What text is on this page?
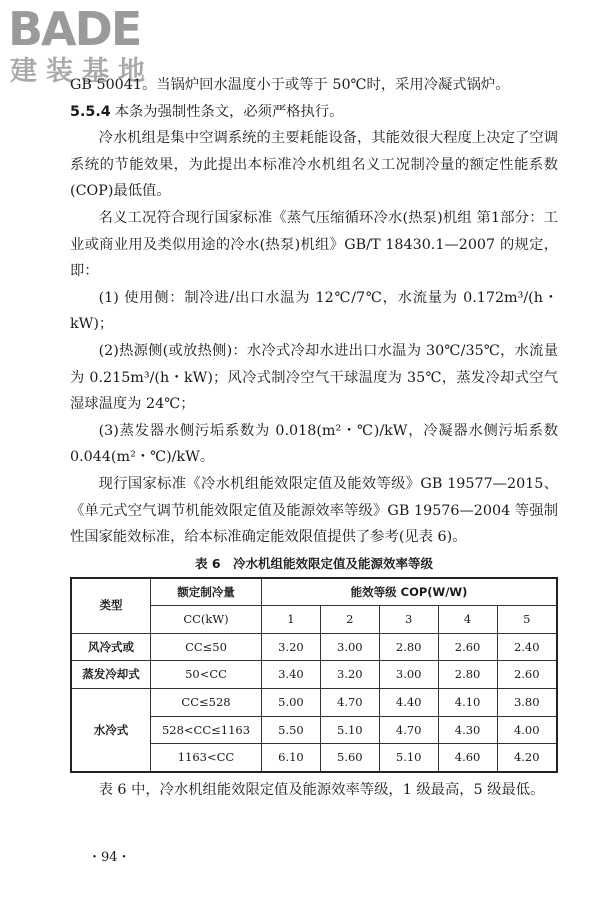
BADE
建装基地

GB 50041。当锅炉回水温度小于或等于 50℃时，采用冷凝式锅炉。

5.5.4 本条为强制性条文，必须严格执行。

冷水机组是集中空调系统的主要耗能设备，其能效很大程度上决定了空调系统的节能效果，为此提出本标准冷水机组名义工况制冷量的额定性能系数(COP)最低值。

名义工况符合现行国家标准《蒸气压缩循环冷水(热泵)机组 第1部分：工业或商业用及类似用途的冷水(热泵)机组》GB/T 18430.1—2007 的规定，即：

(1) 使用侧：制冷进/出口水温为 12℃/7℃，水流量为 0.172m³/(h・kW)；

(2)热源侧(或放热侧)：水冷式冷却水进出口水温为 30℃/35℃，水流量为 0.215m³/(h・kW)；风冷式制冷空气干球温度为 35℃，蒸发冷却式空气湿球温度为 24℃；

(3)蒸发器水侧污垢系数为 0.018(m²・℃)/kW，冷凝器水侧污垢系数 0.044(m²・℃)/kW。

现行国家标准《冷水机组能效限定值及能效等级》GB 19577—2015、《单元式空气调节机能效限定值及能源效率等级》GB 19576—2004 等强制性国家能效标准，给本标准确定能效限值提供了参考(见表 6)。

表 6　冷水机组能效限定值及能源效率等级
类型	额定制冷量	能效等级 COP(W/W)				
	CC(kW)	1	2	3	4	5
风冷式或	CC≤50	3.20	3.00	2.80	2.60	2.40
蒸发冷却式	50<CC	3.40	3.20	3.00	2.80	2.60
水冷式	CC≤528	5.00	4.70	4.40	4.10	3.80
	528<CC≤1163	5.50	5.10	4.70	4.30	4.00
	1163<CC	6.10	5.60	5.10	4.60	4.20

表 6 中，冷水机组能效限定值及能源效率等级，1 级最高，5 级最低。

・94・
